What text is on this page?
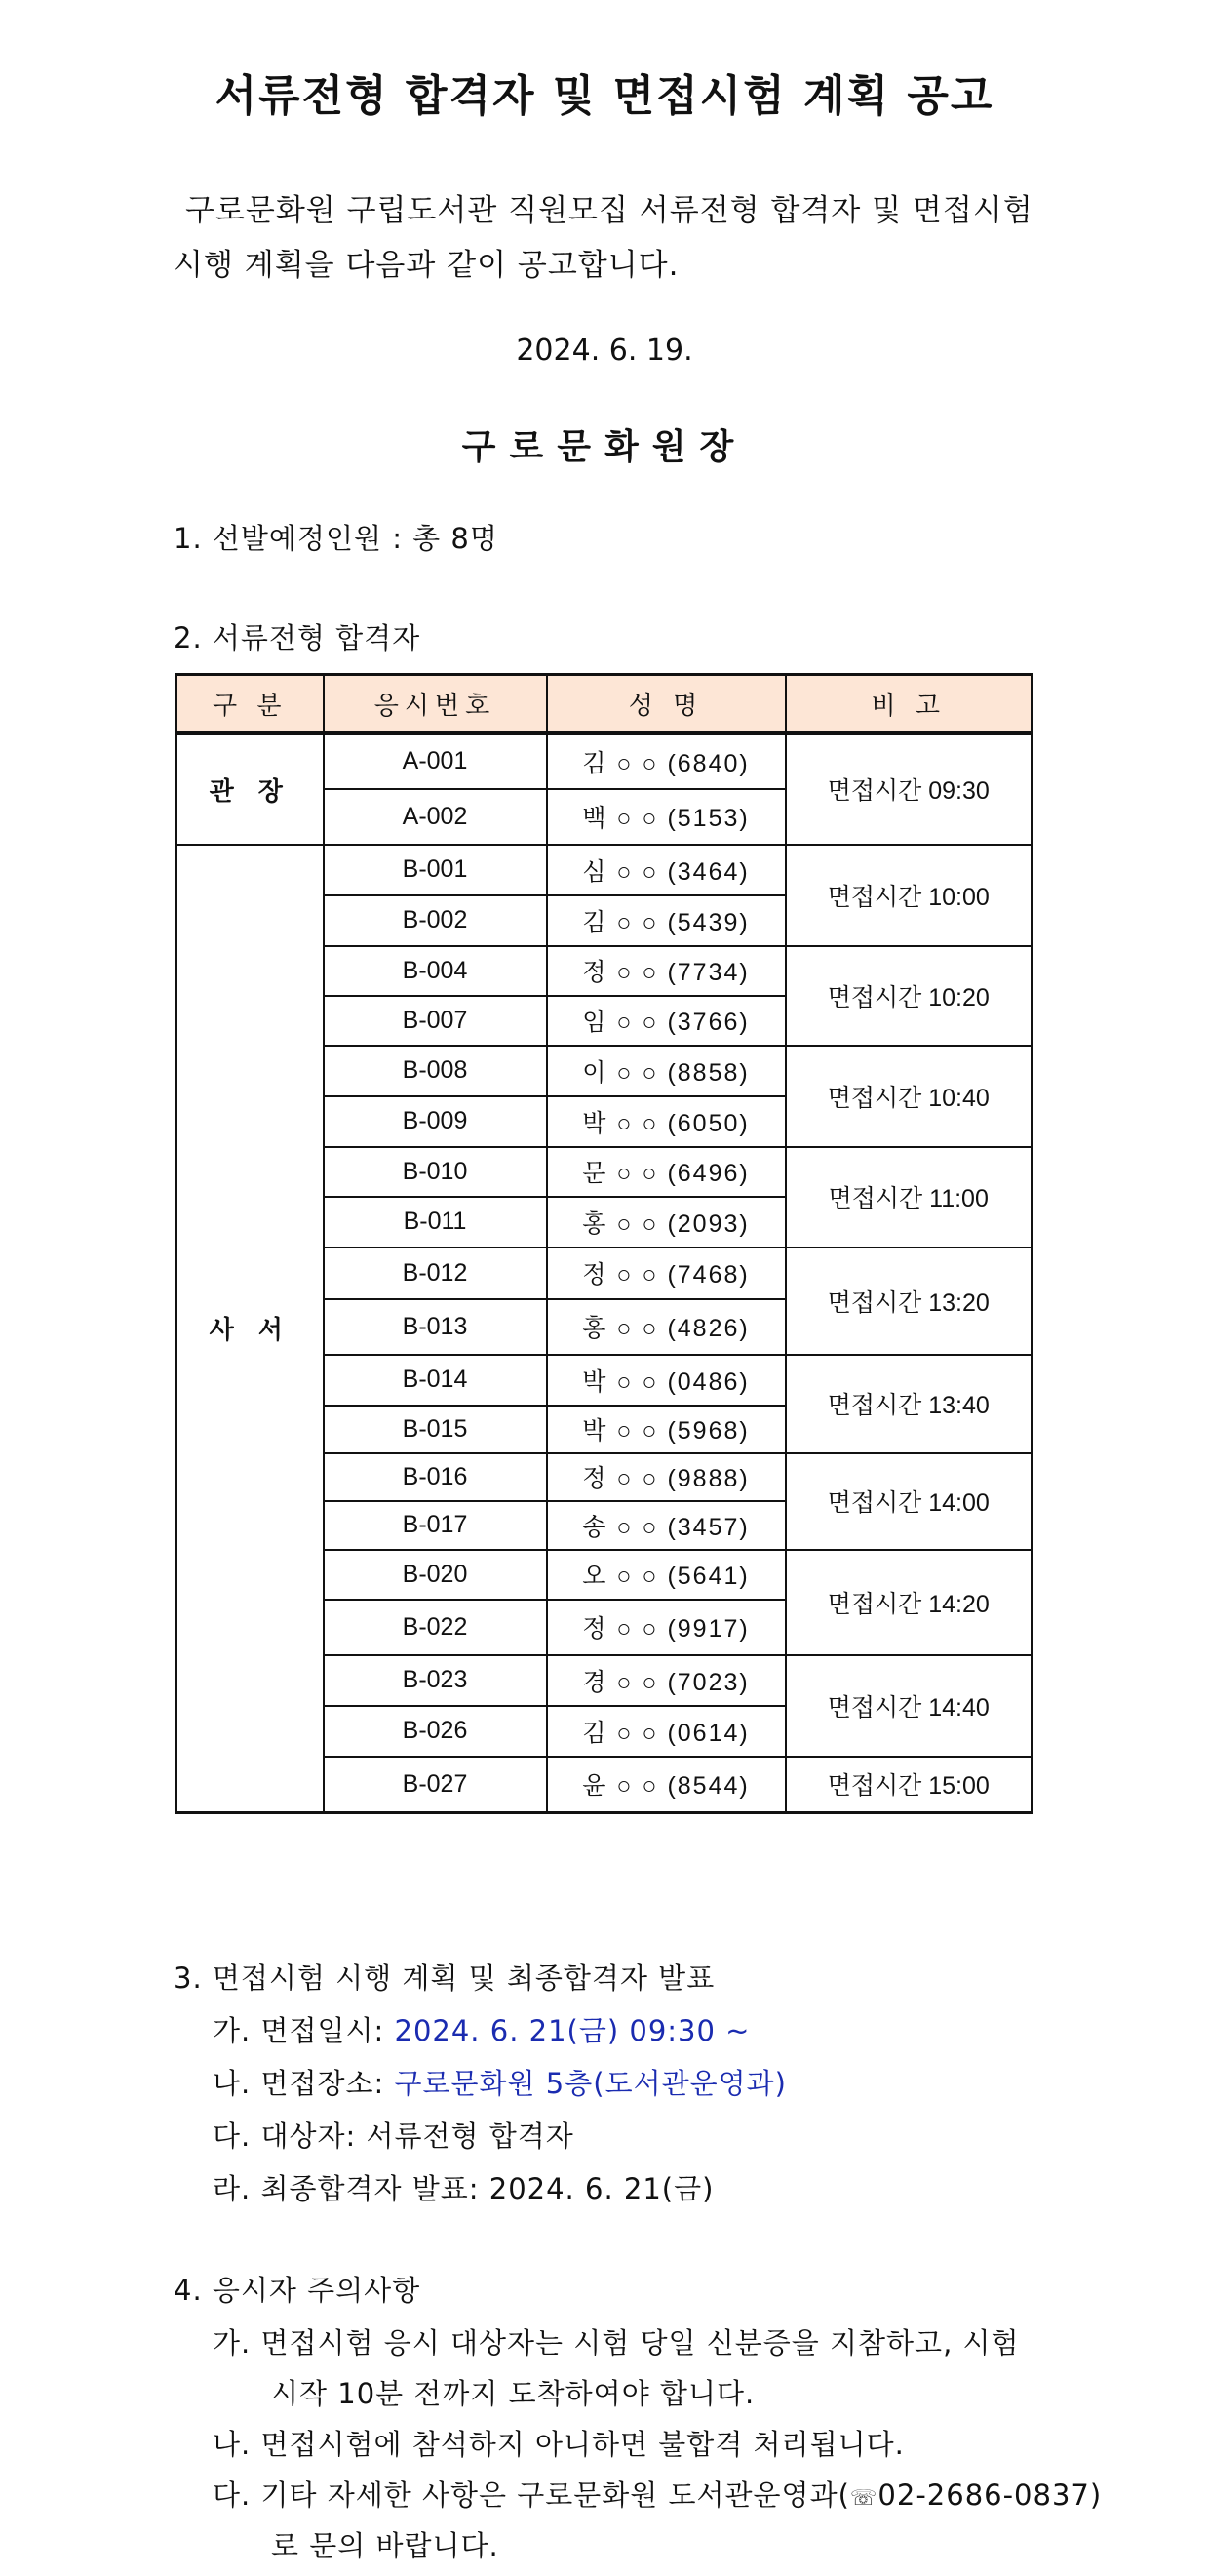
서류전형 합격자 및 면접시험 계획 공고
구로문화원 구립도서관 직원모집 서류전형 합격자 및 면접시험
시행 계획을 다음과 같이 공고합니다.
2024. 6. 19.
구로문화원장
1. 선발예정인원 : 총 8명
2. 서류전형 합격자
구 분	응시번호	성 명	비 고
관 장	A-001	김 ○ ○ (6840)	면접시간 09:30
	A-002	백 ○ ○ (5153)	
사 서	B-001	심 ○ ○ (3464)	면접시간 10:00
	B-002	김 ○ ○ (5439)	
	B-004	정 ○ ○ (7734)	면접시간 10:20
	B-007	임 ○ ○ (3766)	
	B-008	이 ○ ○ (8858)	면접시간 10:40
	B-009	박 ○ ○ (6050)	
	B-010	문 ○ ○ (6496)	면접시간 11:00
	B-011	홍 ○ ○ (2093)	
	B-012	정 ○ ○ (7468)	면접시간 13:20
	B-013	홍 ○ ○ (4826)	
	B-014	박 ○ ○ (0486)	면접시간 13:40
	B-015	박 ○ ○ (5968)	
	B-016	정 ○ ○ (9888)	면접시간 14:00
	B-017	송 ○ ○ (3457)	
	B-020	오 ○ ○ (5641)	면접시간 14:20
	B-022	정 ○ ○ (9917)	
	B-023	경 ○ ○ (7023)	면접시간 14:40
	B-026	김 ○ ○ (0614)	
	B-027	윤 ○ ○ (8544)	면접시간 15:00
3. 면접시험 시행 계획 및 최종합격자 발표
가. 면접일시: 2024. 6. 21(금) 09:30 ~
나. 면접장소: 구로문화원 5층(도서관운영과)
다. 대상자: 서류전형 합격자
라. 최종합격자 발표: 2024. 6. 21(금)
4. 응시자 주의사항
가. 면접시험 응시 대상자는 시험 당일 신분증을 지참하고, 시험
시작 10분 전까지 도착하여야 합니다.
나. 면접시험에 참석하지 아니하면 불합격 처리됩니다.
다. 기타 자세한 사항은 구로문화원 도서관운영과(☏02-2686-0837)
로 문의 바랍니다.
